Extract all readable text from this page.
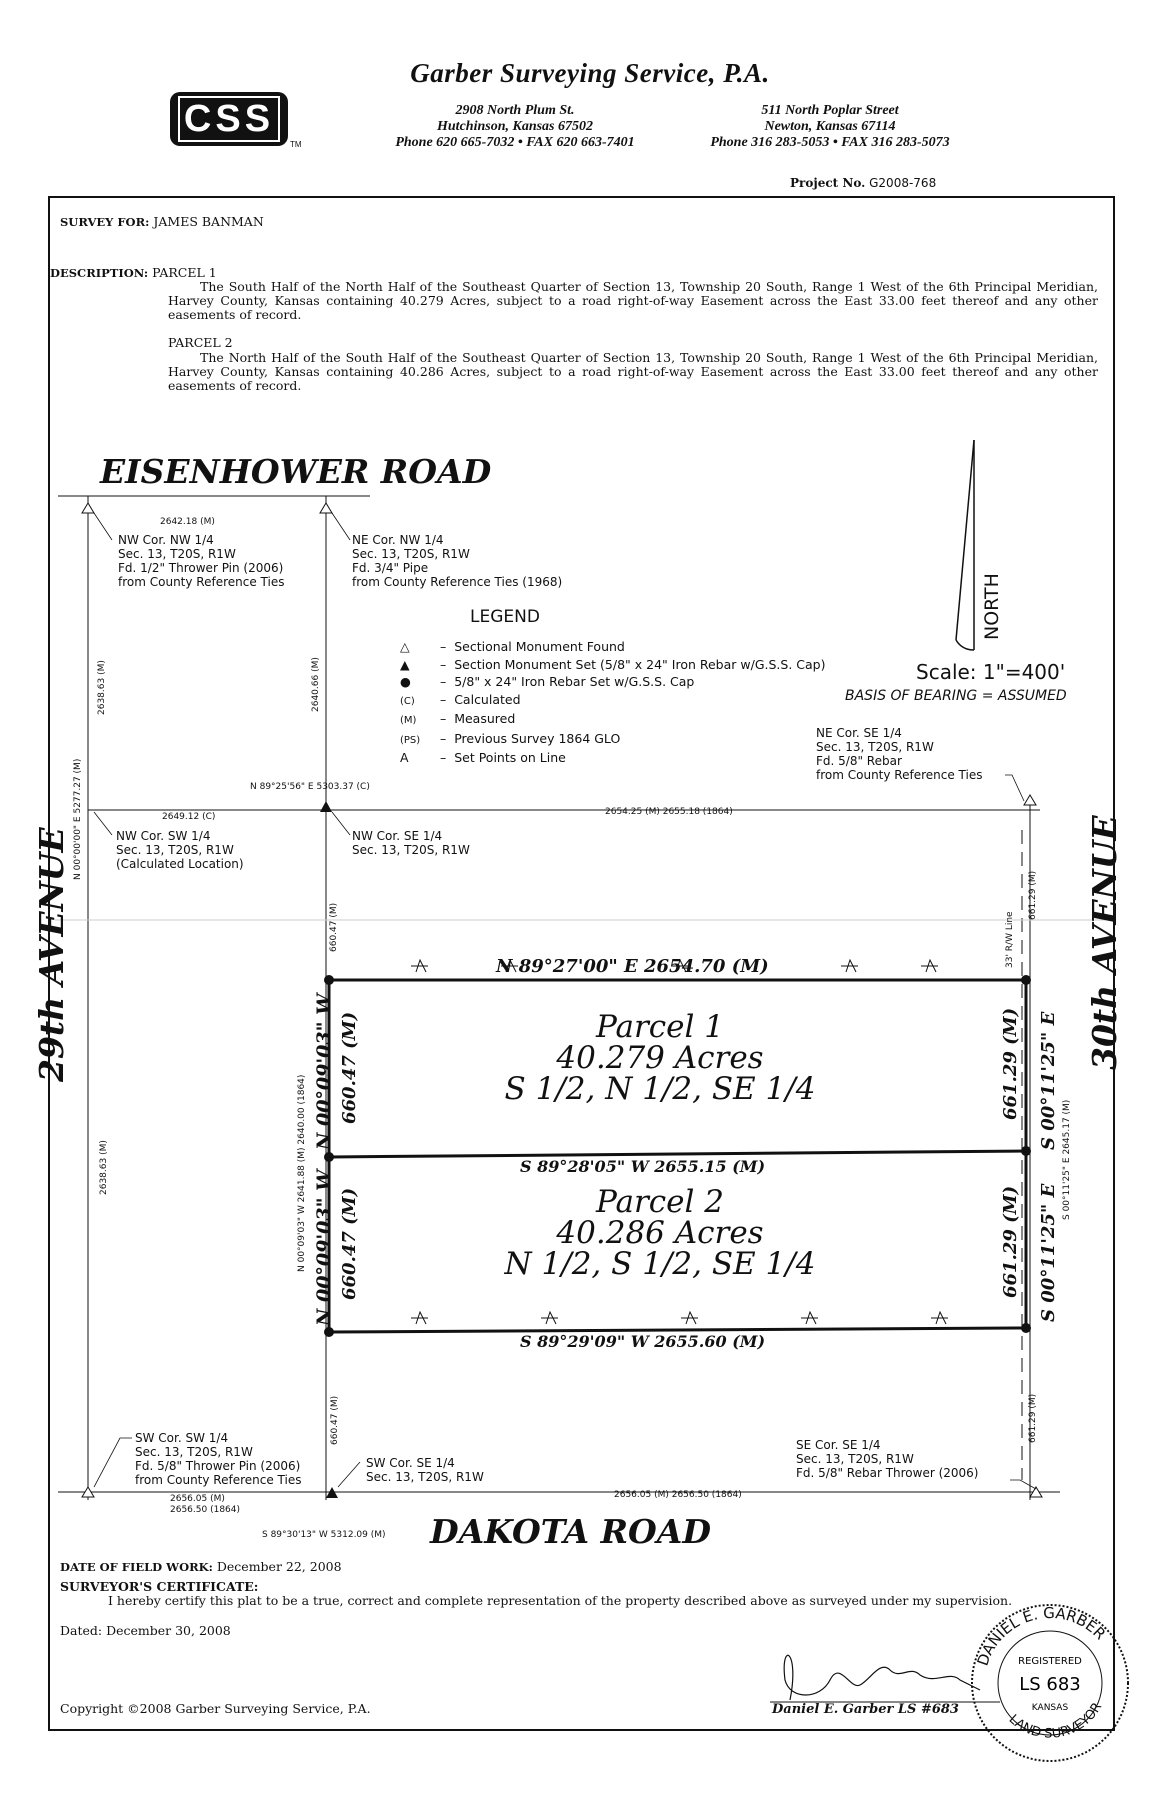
Garber Surveying Service, P.A.
CSS
TM
2908 North Plum St.
Hutchinson, Kansas 67502
Phone 620 665-7032 • FAX 620 663-7401
511 North Poplar Street
Newton, Kansas 67114
Phone 316 283-5053 • FAX 316 283-5073
Project No. G2008-768
SURVEY FOR: JAMES BANMAN
DESCRIPTION: PARCEL 1
The South Half of the North Half of the Southeast Quarter of Section 13, Township 20 South, Range 1 West of the 6th Principal Meridian, Harvey County, Kansas containing 40.279 Acres, subject to a road right-of-way Easement across the East 33.00 feet thereof and any other easements of record.
PARCEL 2
The North Half of the South Half of the Southeast Quarter of Section 13, Township 20 South, Range 1 West of the 6th Principal Meridian, Harvey County, Kansas containing 40.286 Acres, subject to a road right-of-way Easement across the East 33.00 feet thereof and any other easements of record.
EISENHOWER ROAD
DAKOTA ROAD
29th AVENUE	30th AVENUE
NORTH
Scale: 1"=400'
BASIS OF BEARING = ASSUMED
LEGEND
△ –  Sectional Monument Found
▲ –  Section Monument Set (5/8" x 24" Iron Rebar w/G.S.S. Cap)
● –  5/8" x 24" Iron Rebar Set w/G.S.S. Cap
(C) –  Calculated
(M) –  Measured
(PS) –  Previous Survey 1864 GLO
A	–  Set Points on Line
NW Cor. NW 1/4
Sec. 13, T20S, R1W
Fd. 1/2" Thrower Pin (2006)
from County Reference Ties
NE Cor. NW 1/4
Sec. 13, T20S, R1W
Fd. 3/4" Pipe
from County Reference Ties (1968)
NE Cor. SE 1/4
Sec. 13, T20S, R1W
Fd. 5/8" Rebar
from County Reference Ties
NW Cor. SW 1/4
Sec. 13, T20S, R1W
(Calculated Location)
NW Cor. SE 1/4
Sec. 13, T20S, R1W
SW Cor. SW 1/4
Sec. 13, T20S, R1W
Fd. 5/8" Thrower Pin (2006)
from County Reference Ties
SW Cor. SE 1/4
Sec. 13, T20S, R1W
SE Cor. SE 1/4
Sec. 13, T20S, R1W
Fd. 5/8" Rebar Thrower (2006)
2642.18 (M)
2638.63 (M)
N 00°00'00" E 5277.27 (M)
2640.66 (M)
N 89°25'56" E 5303.37 (C)
2649.12 (C)	2654.25 (M) 2655.18 (1864)
660.47 (M)
661.29 (M)
33' R/W Line
2638.63 (M)	N 00°09'03" W 2641.88 (M) 2640.00 (1864)
660.47 (M)	661.29 (M)
S 00°11'25" E 2645.17 (M)
2656.05 (M)
2656.50 (1864)
2656.05 (M) 2656.50 (1864)
S 89°30'13" W 5312.09 (M)
N 89°27'00" E 2654.70 (M)
S 89°28'05" W 2655.15 (M)
S 89°29'09" W 2655.60 (M)
N 00°09'03" W 660.47 (M)
N 00°09'03" W 660.47 (M)
661.29 (M) S 00°11'25" E
661.29 (M) S 00°11'25" E
Parcel 1
40.279 Acres
S 1/2, N 1/2, SE 1/4
Parcel 2
40.286 Acres
N 1/2, S 1/2, SE 1/4
DATE OF FIELD WORK: December 22, 2008
SURVEYOR'S CERTIFICATE:
I hereby certify this plat to be a true, correct and complete representation of the property described above as surveyed under my supervision.
Dated: December 30, 2008
Copyright ©2008 Garber Surveying Service, P.A.	Daniel E. Garber LS #683
DANIEL E. GARBER
LAND SURVEYOR
REGISTERED
LS 683
KANSAS
